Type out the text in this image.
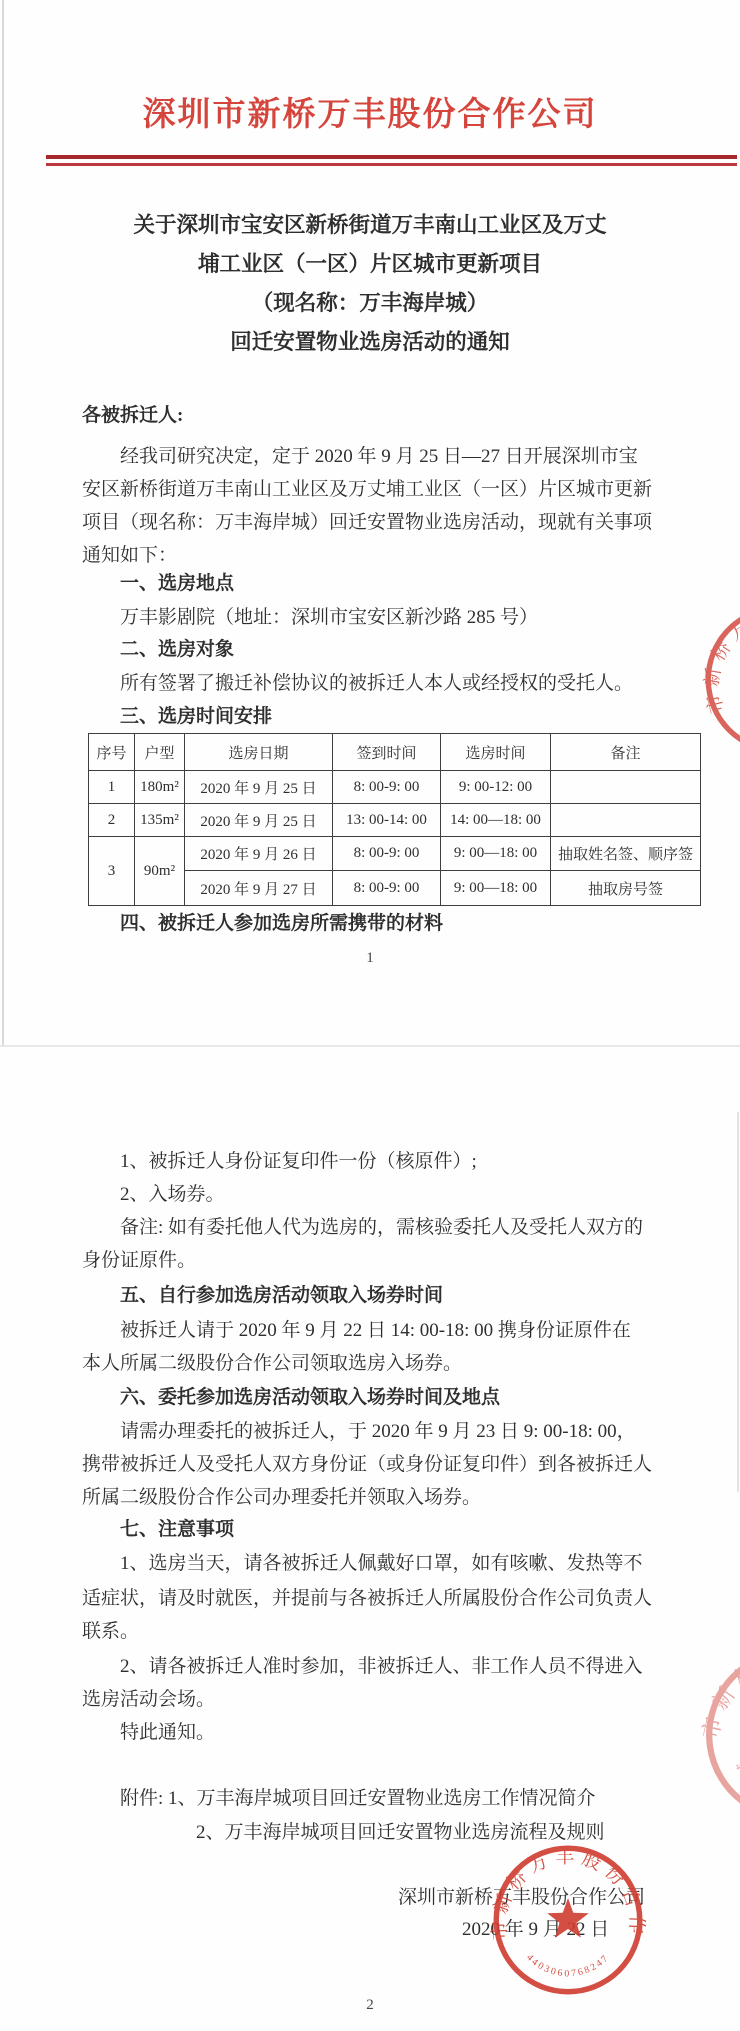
深圳市新桥万丰股份合作公司
关于深圳市宝安区新桥街道万丰南山工业区及万丈
埔工业区（一区）片区城市更新项目
（现名称：万丰海岸城）
回迁安置物业选房活动的通知
各被拆迁人:
经我司研究决定，定于 2020 年 9 月 25 日—27 日开展深圳市宝
安区新桥街道万丰南山工业区及万丈埔工业区（一区）片区城市更新
项目（现名称：万丰海岸城）回迁安置物业选房活动，现就有关事项
通知如下：
一、选房地点
万丰影剧院（地址：深圳市宝安区新沙路 285 号）
二、选房对象
所有签署了搬迁补偿协议的被拆迁人本人或经授权的受托人。
三、选房时间安排
序号	户型	选房日期	签到时间	选房时间	备注
1	180m²	2020 年 9 月 25 日	8: 00-9: 00	9: 00-12: 00	
2	135m²	2020 年 9 月 25 日	13: 00-14: 00	14: 00—18: 00	
3	90m²	2020 年 9 月 26 日	8: 00-9: 00	9: 00—18: 00	抽取姓名签、顺序签
		2020 年 9 月 27 日	8: 00-9: 00	9: 00—18: 00	抽取房号签
四、被拆迁人参加选房所需携带的材料
1
1、被拆迁人身份证复印件一份（核原件）;
2、入场券。
备注: 如有委托他人代为选房的，需核验委托人及受托人双方的
身份证原件。
五、自行参加选房活动领取入场券时间
被拆迁人请于 2020 年 9 月 22 日 14: 00-18: 00 携身份证原件在
本人所属二级股份合作公司领取选房入场券。
六、委托参加选房活动领取入场券时间及地点
请需办理委托的被拆迁人，于 2020 年 9 月 23 日 9: 00-18: 00，
携带被拆迁人及受托人双方身份证（或身份证复印件）到各被拆迁人
所属二级股份合作公司办理委托并领取入场券。
七、注意事项
1、选房当天，请各被拆迁人佩戴好口罩，如有咳嗽、发热等不
适症状，请及时就医，并提前与各被拆迁人所属股份合作公司负责人
联系。
2、请各被拆迁人准时参加，非被拆迁人、非工作人员不得进入
选房活动会场。
特此通知。
附件: 1、万丰海岸城项目回迁安置物业选房工作情况简介
2、万丰海岸城项目回迁安置物业选房流程及规则
深圳市新桥万丰股份合作公司
2020 年 9 月 22 日
2
